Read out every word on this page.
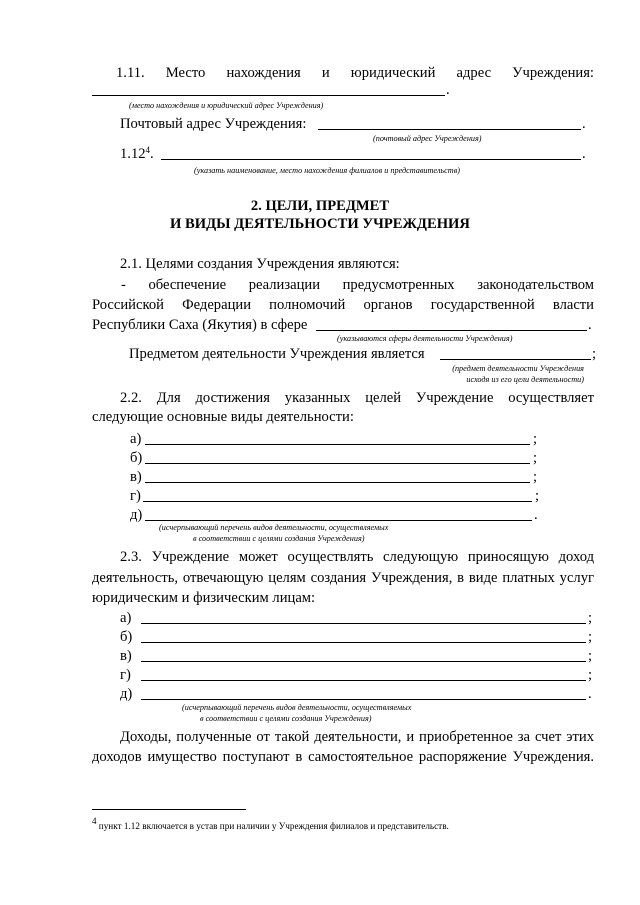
1.11. Место нахождения и юридический адрес Учреждения:
.
(место нахождения и юридический адрес Учреждения)
Почтовый адрес Учреждения:	.
(почтовый адрес Учреждения)
1.12$^4$.	.
(указать наименование, место нахождения филиалов и представительств)
2. ЦЕЛИ, ПРЕДМЕТ
И ВИДЫ ДЕЯТЕЛЬНОСТИ УЧРЕЖДЕНИЯ
2.1. Целями создания Учреждения являются:
- обеспечение реализации предусмотренных законодательством
Российской Федерации полномочий органов государственной власти
Республики Саха (Якутия) в сфере	.
(указываются сферы деятельности Учреждения)
Предметом деятельности Учреждения является	;
(предмет деятельности Учреждения
исходя из его цели деятельности)
2.2. Для достижения указанных целей Учреждение осуществляет
следующие основные виды деятельности:
а)	;
б)	;
в)	;
г)	;
д)	.
(исчерпывающий перечень видов деятельности, осуществляемых
в соответствии с целями создания Учреждения)
2.3. Учреждение может осуществлять следующую приносящую доход
деятельность, отвечающую целям создания Учреждения, в виде платных услуг
юридическим и физическим лицам:
а)	;
б)	;
в)	;
г)	;
д)	.
(исчерпывающий перечень видов деятельности, осуществляемых
в соответствии с целями создания Учреждения)
Доходы, полученные от такой деятельности, и приобретенное за счет этих
доходов имущество поступают в самостоятельное распоряжение Учреждения.
$^4$ пункт 1.12 включается в устав при наличии у Учреждения филиалов и представительств.
